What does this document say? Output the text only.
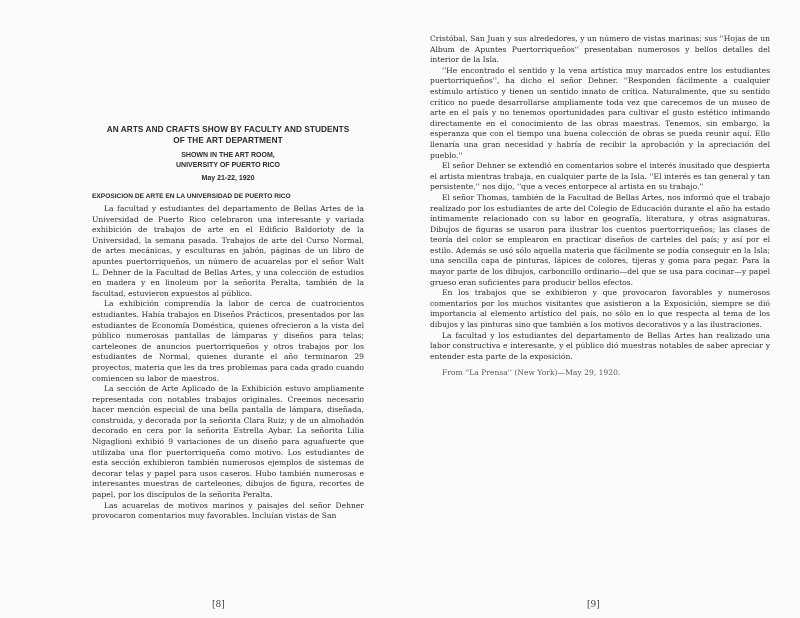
AN ARTS AND CRAFTS SHOW BY FACULTY AND STUDENTS
OF THE ART DEPARTMENT
SHOWN IN THE ART ROOM,
UNIVERSITY OF PUERTO RICO
May 21-22, 1920
EXPOSICION DE ARTE EN LA UNIVERSIDAD DE PUERTO RICO

La facultad y estudiantes del departamento de Bellas Artes de la Universidad de Puerto Rico celebraron una interesante y variada exhibición de trabajos de arte en el Edificio Baldorioty de la Universidad, la semana pasada. Trabajos de arte del Curso Normal, de artes mecánicas, y esculturas en jabón, páginas de un libro de apuntes puertorriqueños, un número de acuarelas por el señor Walt L. Dehner de la Facultad de Bellas Artes, y una colección de estudios en madera y en linoleum por la señorita Peralta, también de la facultad, estuvieron expuestos al público.

La exhibición comprendía la labor de cerca de cuatrocientos estudiantes. Había trabajos en Diseños Prácticos, presentados por las estudiantes de Economía Doméstica, quienes ofrecieron a la vista del público numerosas pantallas de lámparas y diseños para telas; carteleones de anuncios puertorriqueños y otros trabajos por los estudiantes de Normal, quienes durante el año terminaron 29 proyectos, materia que les da tres problemas para cada grado cuando comiencen su labor de maestros.

La sección de Arte Aplicado de la Exhibición estuvo ampliamente representada con notables trabajos originales. Creemos necesario hacer mención especial de una bella pantalla de lámpara, diseñada, construida, y decorada por la señorita Clara Ruiz; y de un almohadón decorado en cera por la señorita Estrella Aybar. La señorita Lilia Nigaglioni exhibió 9 variaciones de un diseño para aguafuerte que utilizaba una flor puertorriqueña como motivo. Los estudiantes de esta sección exhibieron también numerosos ejemplos de sistemas de decorar telas y papel para usos caseros. Hubo también numerosas e interesantes muestras de carteleones, dibujos de figura, recortes de papel, por los discípulos de la señorita Peralta.

Las acuarelas de motivos marinos y paisajes del señor Dehner provocaron comentarios muy favorables. Incluían vistas de San

[8]

Cristóbal, San Juan y sus alrededores, y un número de vistas marinas; sus ''Hojas de un Album de Apuntes Puertorriqueños'' presentaban numerosos y bellos detalles del interior de la Isla.

''He encontrado el sentido y la vena artística muy marcados entre los estudiantes puertorriqueños'', ha dicho el señor Dehner. ''Responden fácilmente a cualquier estímulo artístico y tienen un sentido innato de crítica. Naturalmente, que su sentido crítico no puede desarrollarse ampliamente toda vez que carecemos de un museo de arte en el país y no tenemos oportunidades para cultivar el gusto estético intimando directamente en el conocimiento de las obras maestras. Tenemos, sin embargo, la esperanza que con el tiempo una buena colección de obras se pueda reunir aquí. Ello llenaría una gran necesidad y habría de recibir la aprobación y la apreciación del pueblo.''

El señor Dehner se extendió en comentarios sobre el interés inusitado que despierta el artista mientras trabaja, en cualquier parte de la Isla. ''El interés es tan general y tan persistente,'' nos dijo, ''que a veces entorpece al artista en su trabajo.''

El señor Thomas, también de la Facultad de Bellas Artes, nos informó que el trabajo realizado por los estudiantes de arte del Colegio de Educación durante el año ha estado íntimamente relacionado con su labor en geografía, literatura, y otras asignaturas. Dibujos de figuras se usaron para ilustrar los cuentos puertorriqueños; las clases de teoría del color se emplearon en practicar diseños de carteles del país; y así por el estilo. Además se usó sólo aquella materia que fácilmente se podía conseguir en la Isla; una sencilla capa de pinturas, lápices de colores, tijeras y goma para pegar. Para la mayor parte de los dibujos, carboncillo ordinario—del que se usa para cocinar—y papel grueso eran suficientes para producir bellos efectos.

En los trabajos que se exhibieron y que provocaron favorables y numerosos comentarios por los muchos visitantes que asistieron a la Exposición, siempre se dió importancia al elemento artístico del país, no sólo en lo que respecta al tema de los dibujos y las pinturas sino que también a los motivos decorativos y a las ilustraciones.

La facultad y los estudiantes del departamento de Bellas Artes han realizado una labor constructiva e interesante, y el público dió muestras notables de saber apreciar y entender esta parte de la exposición.

From ''La Prensa'' (New York)—May 29, 1920.

[9]
